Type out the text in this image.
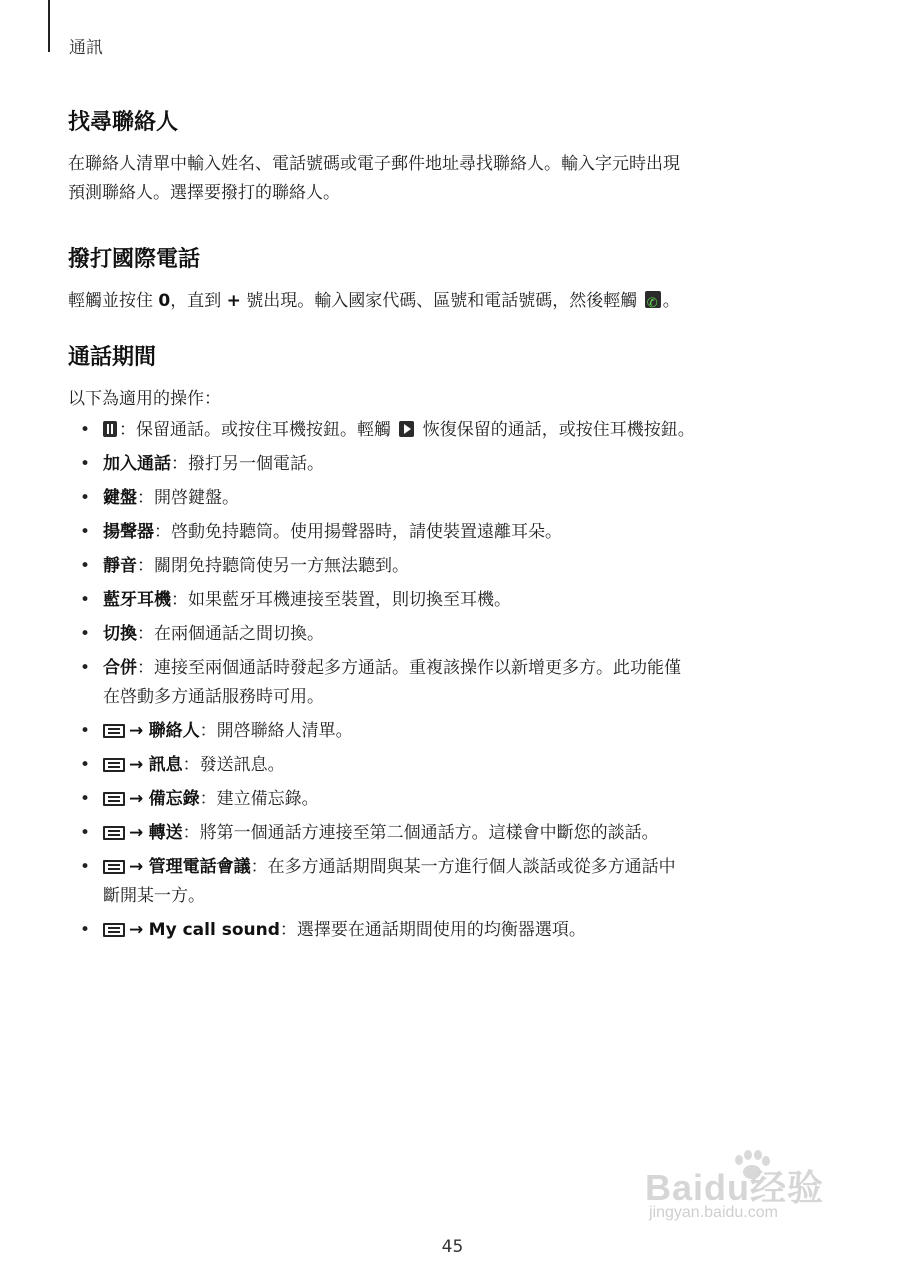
通訊
找尋聯絡人

在聯絡人清單中輸入姓名、電話號碼或電子郵件地址尋找聯絡人。輸入字元時出現
預測聯絡人。選擇要撥打的聯絡人。

撥打國際電話

輕觸並按住 0，直到 + 號出現。輸入國家代碼、區號和電話號碼，然後輕觸 ✆。

通話期間

以下為適用的操作：

• ：保留通話。或按住耳機按鈕。輕觸  恢復保留的通話，或按住耳機按鈕。
• 加入通話：撥打另一個電話。
• 鍵盤：開啓鍵盤。
• 揚聲器：啓動免持聽筒。使用揚聲器時，請使裝置遠離耳朵。
• 靜音：關閉免持聽筒使另一方無法聽到。
• 藍牙耳機：如果藍牙耳機連接至裝置，則切換至耳機。
• 切換：在兩個通話之間切換。
• 合併：連接至兩個通話時發起多方通話。重複該操作以新增更多方。此功能僅
在啓動多方通話服務時可用。
• → 聯絡人：開啓聯絡人清單。
• → 訊息：發送訊息。
• → 備忘錄：建立備忘錄。
• → 轉送：將第一個通話方連接至第二個通話方。這樣會中斷您的談話。
• → 管理電話會議：在多方通話期間與某一方進行個人談話或從多方通話中
斷開某一方。
• → My call sound：選擇要在通話期間使用的均衡器選項。
Baidu经验
jingyan.baidu.com
45
